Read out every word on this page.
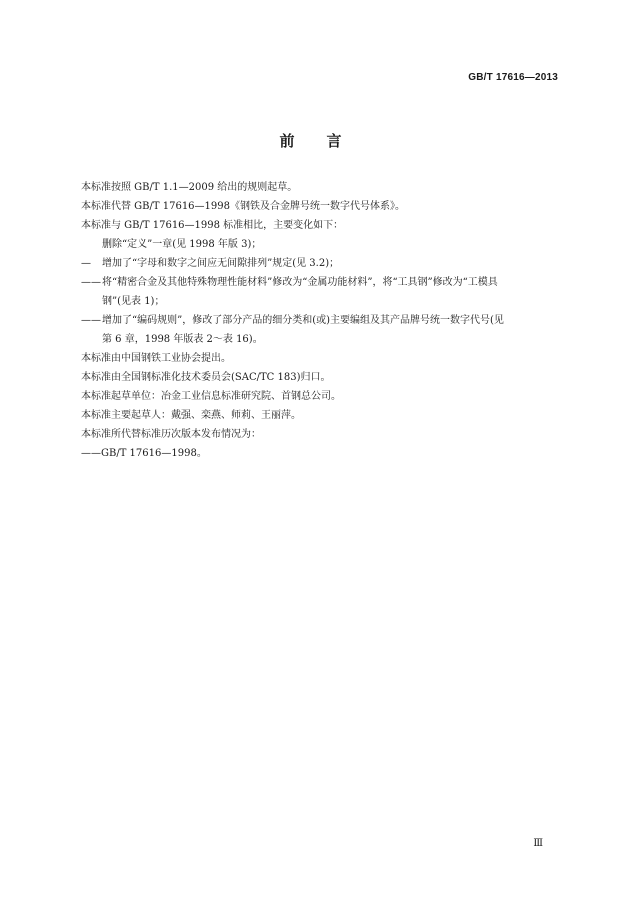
GB/T 17616—2013
前言

本标准按照 GB/T 1.1—2009 给出的规则起草。

本标准代替 GB/T 17616—1998《钢铁及合金牌号统一数字代号体系》。

本标准与 GB/T 17616—1998 标准相比，主要变化如下：

删除“定义”一章(见 1998 年版 3)；

—	增加了“字母和数字之间应无间隙排列”规定(见 3.2)；
—— 将“精密合金及其他特殊物理性能材料”修改为“金属功能材料”，将“工具钢”修改为“工模具

钢”(见表 1)；

—— 增加了“编码规则”，修改了部分产品的细分类和(或)主要编组及其产品牌号统一数字代号(见

第 6 章，1998 年版表 2～表 16)。

本标准由中国钢铁工业协会提出。

本标准由全国钢标准化技术委员会(SAC/TC 183)归口。

本标准起草单位：冶金工业信息标准研究院、首钢总公司。

本标准主要起草人：戴强、栾燕、师莉、王丽萍。

本标准所代替标准历次版本发布情况为：

——GB/T 17616—1998。

Ⅲ
